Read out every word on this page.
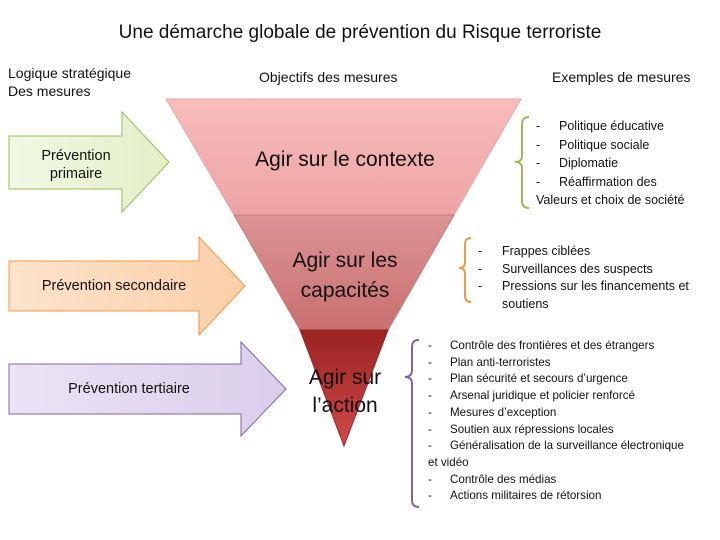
Une démarche globale de prévention du Risque terroriste
Logique stratégique Des mesures
Objectifs des mesures	Exemples de mesures
Prévention primaire
Prévention secondaire
Prévention tertiaire
Agir sur le contexte
Agir sur les capacités
Agir sur l’action
- Politique éducative
- Politique sociale
- Diplomatie
- Réaffirmation des
Valeurs et choix de société
- Frappes ciblées
- Surveillances des suspects
- Pressions sur les financements et soutiens
- Contrôle des frontières et des étrangers
- Plan anti-terroristes
- Plan sécurité et secours d’urgence
- Arsenal juridique et policier renforcé
- Mesures d’exception
- Soutien aux répressions locales
- Généralisation de la surveillance électronique
et vidéo
- Contrôle des médias
- Actions militaires de rétorsion
